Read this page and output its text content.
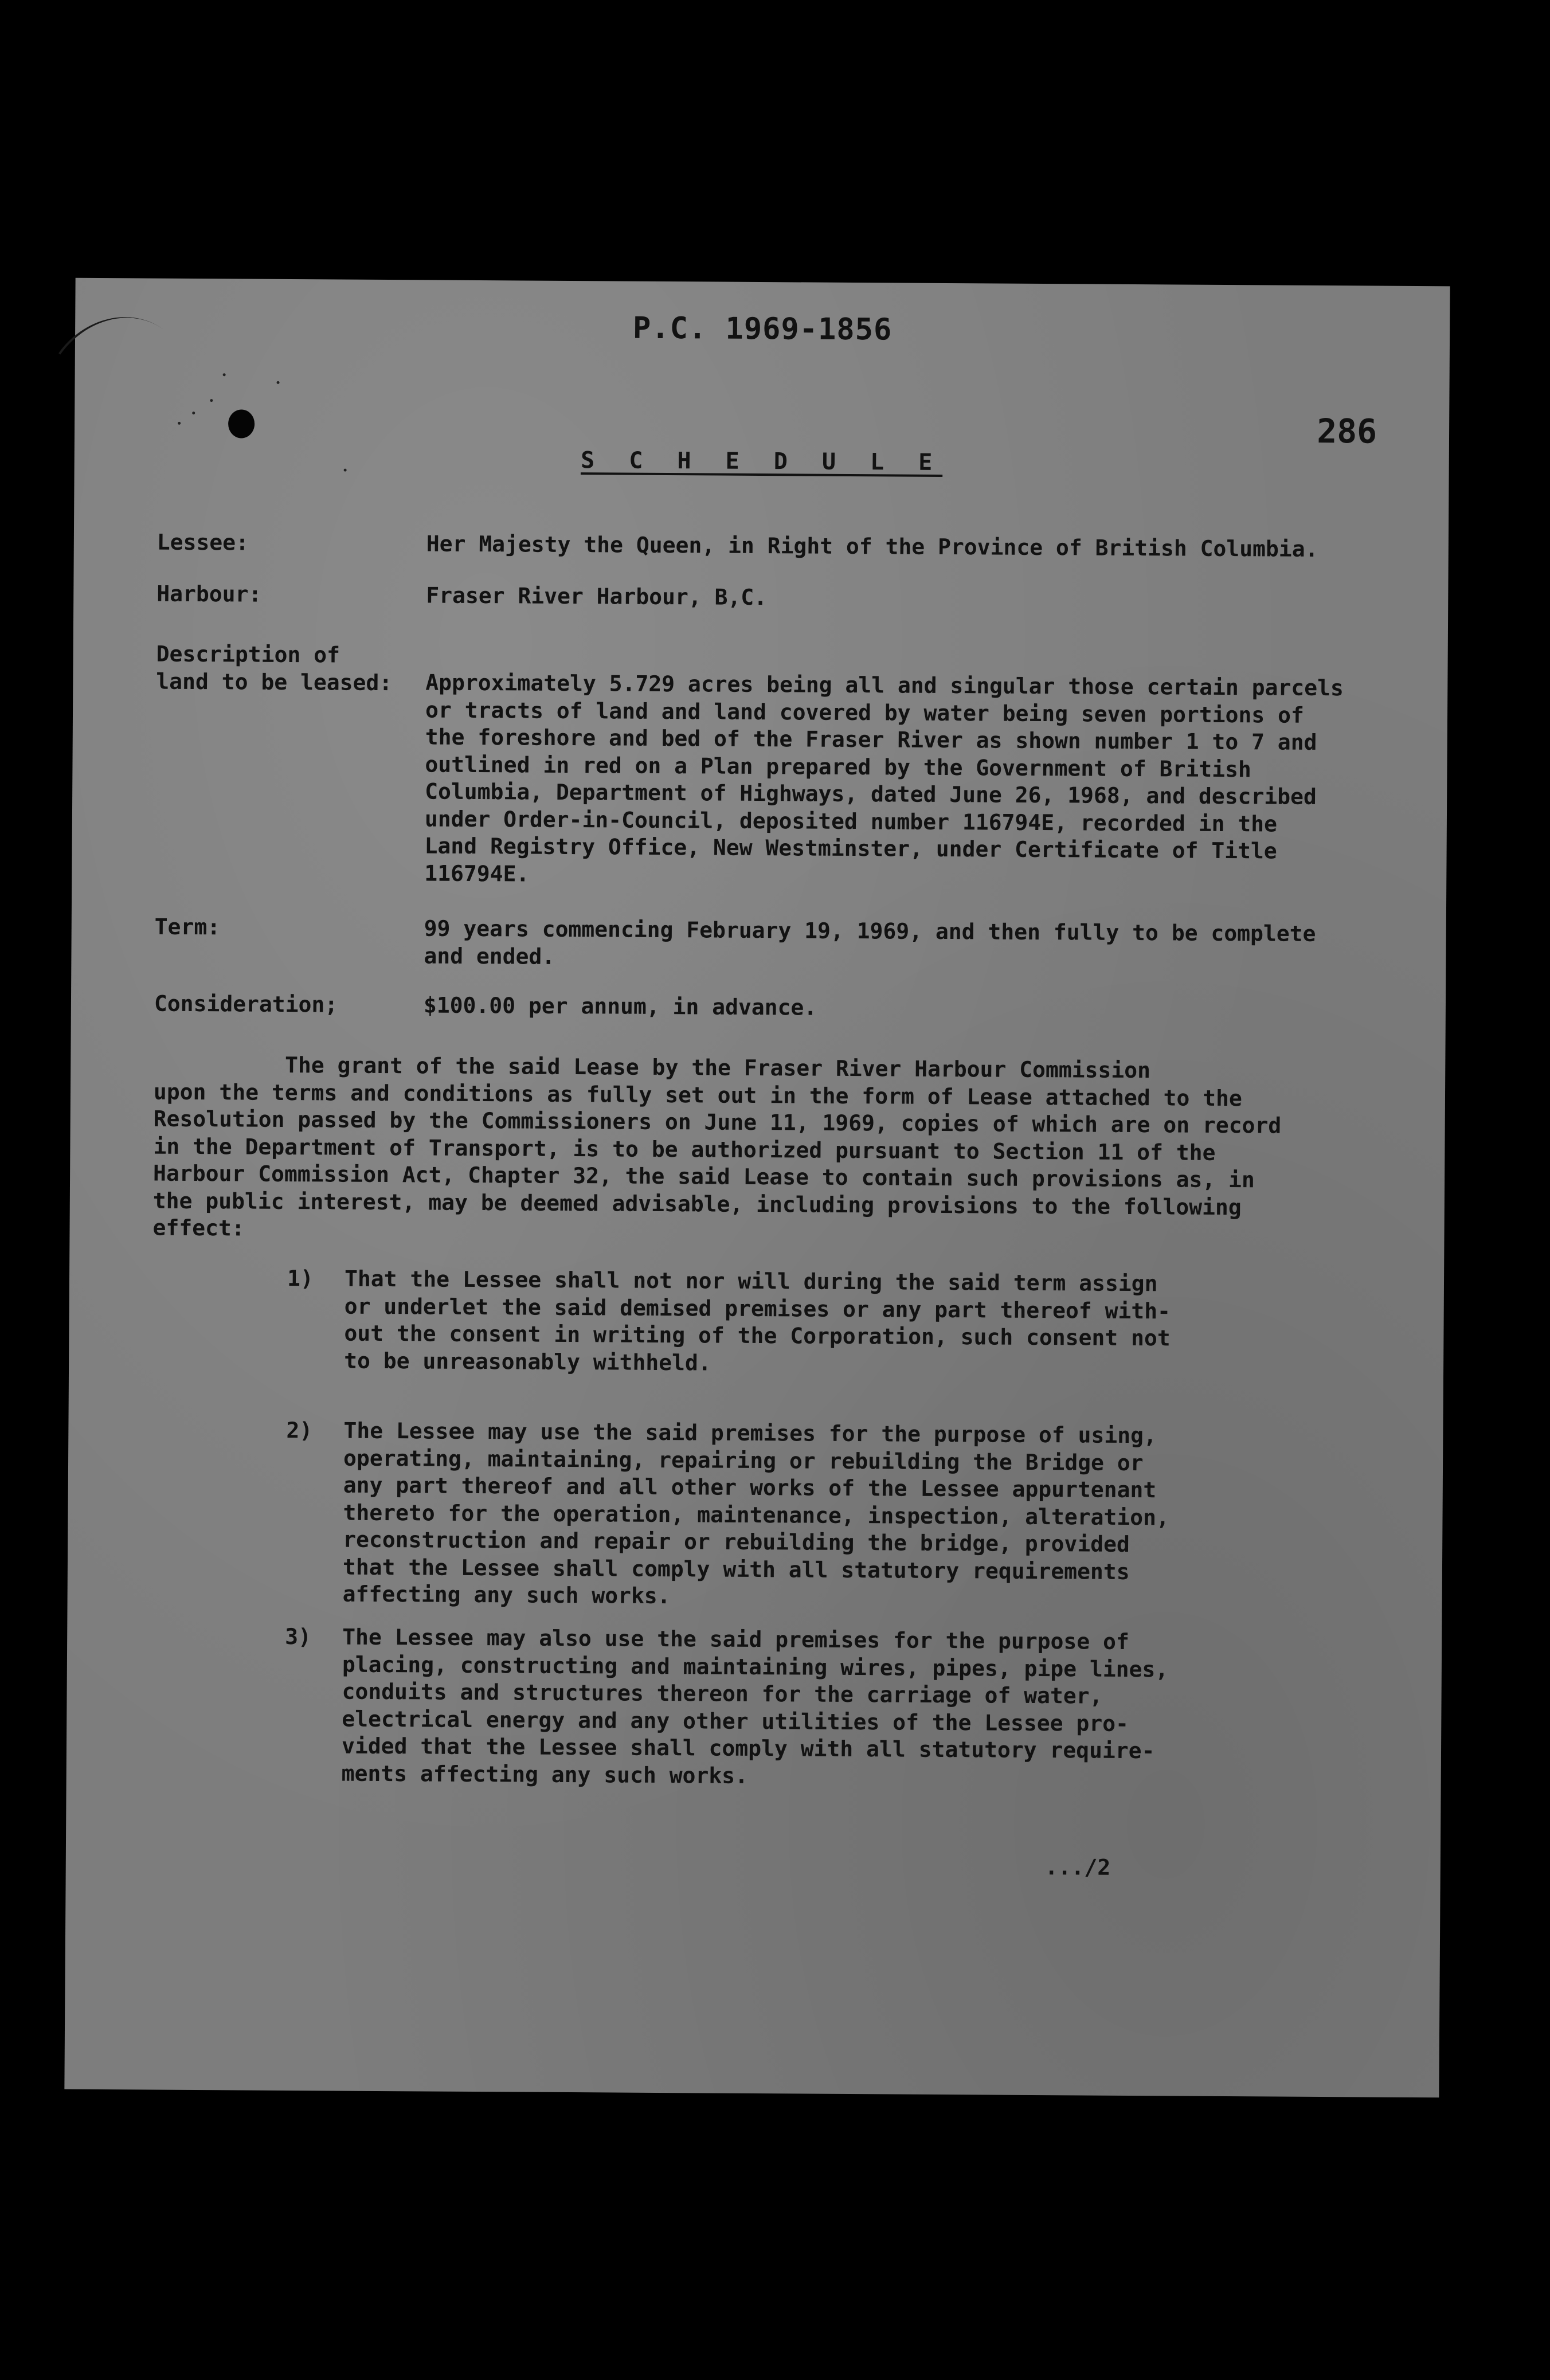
P.C. 1969-1856
286
S C H E D U L E
Lessee:	Her Majesty the Queen, in Right of the Province of British Columbia.
Harbour:	Fraser River Harbour, B,C.
Description of
land to be leased: Approximately 5.729 acres being all and singular those certain parcels
or tracts of land and land covered by water being seven portions of
the foreshore and bed of the Fraser River as shown number 1 to 7 and
outlined in red on a Plan prepared by the Government of British
Columbia, Department of Highways, dated June 26, 1968, and described
under Order-in-Council, deposited number 116794E, recorded in the
Land Registry Office, New Westminster, under Certificate of Title
116794E.
Term:	99 years commencing February 19, 1969, and then fully to be complete
and ended.
Consideration;	$100.00 per annum, in advance.
The grant of the said Lease by the Fraser River Harbour Commission
upon the terms and conditions as fully set out in the form of Lease attached to the
Resolution passed by the Commissioners on June 11, 1969, copies of which are on record
in the Department of Transport, is to be authorized pursuant to Section 11 of the
Harbour Commission Act, Chapter 32, the said Lease to contain such provisions as, in
the public interest, may be deemed advisable, including provisions to the following
effect:
1) That the Lessee shall not nor will during the said term assign
or underlet the said demised premises or any part thereof with-
out the consent in writing of the Corporation, such consent not
to be unreasonably withheld.
2) The Lessee may use the said premises for the purpose of using,
operating, maintaining, repairing or rebuilding the Bridge or
any part thereof and all other works of the Lessee appurtenant
thereto for the operation, maintenance, inspection, alteration,
reconstruction and repair or rebuilding the bridge, provided
that the Lessee shall comply with all statutory requirements
affecting any such works.
3) The Lessee may also use the said premises for the purpose of
placing, constructing and maintaining wires, pipes, pipe lines,
conduits and structures thereon for the carriage of water,
electrical energy and any other utilities of the Lessee pro-
vided that the Lessee shall comply with all statutory require-
ments affecting any such works.
.../2
